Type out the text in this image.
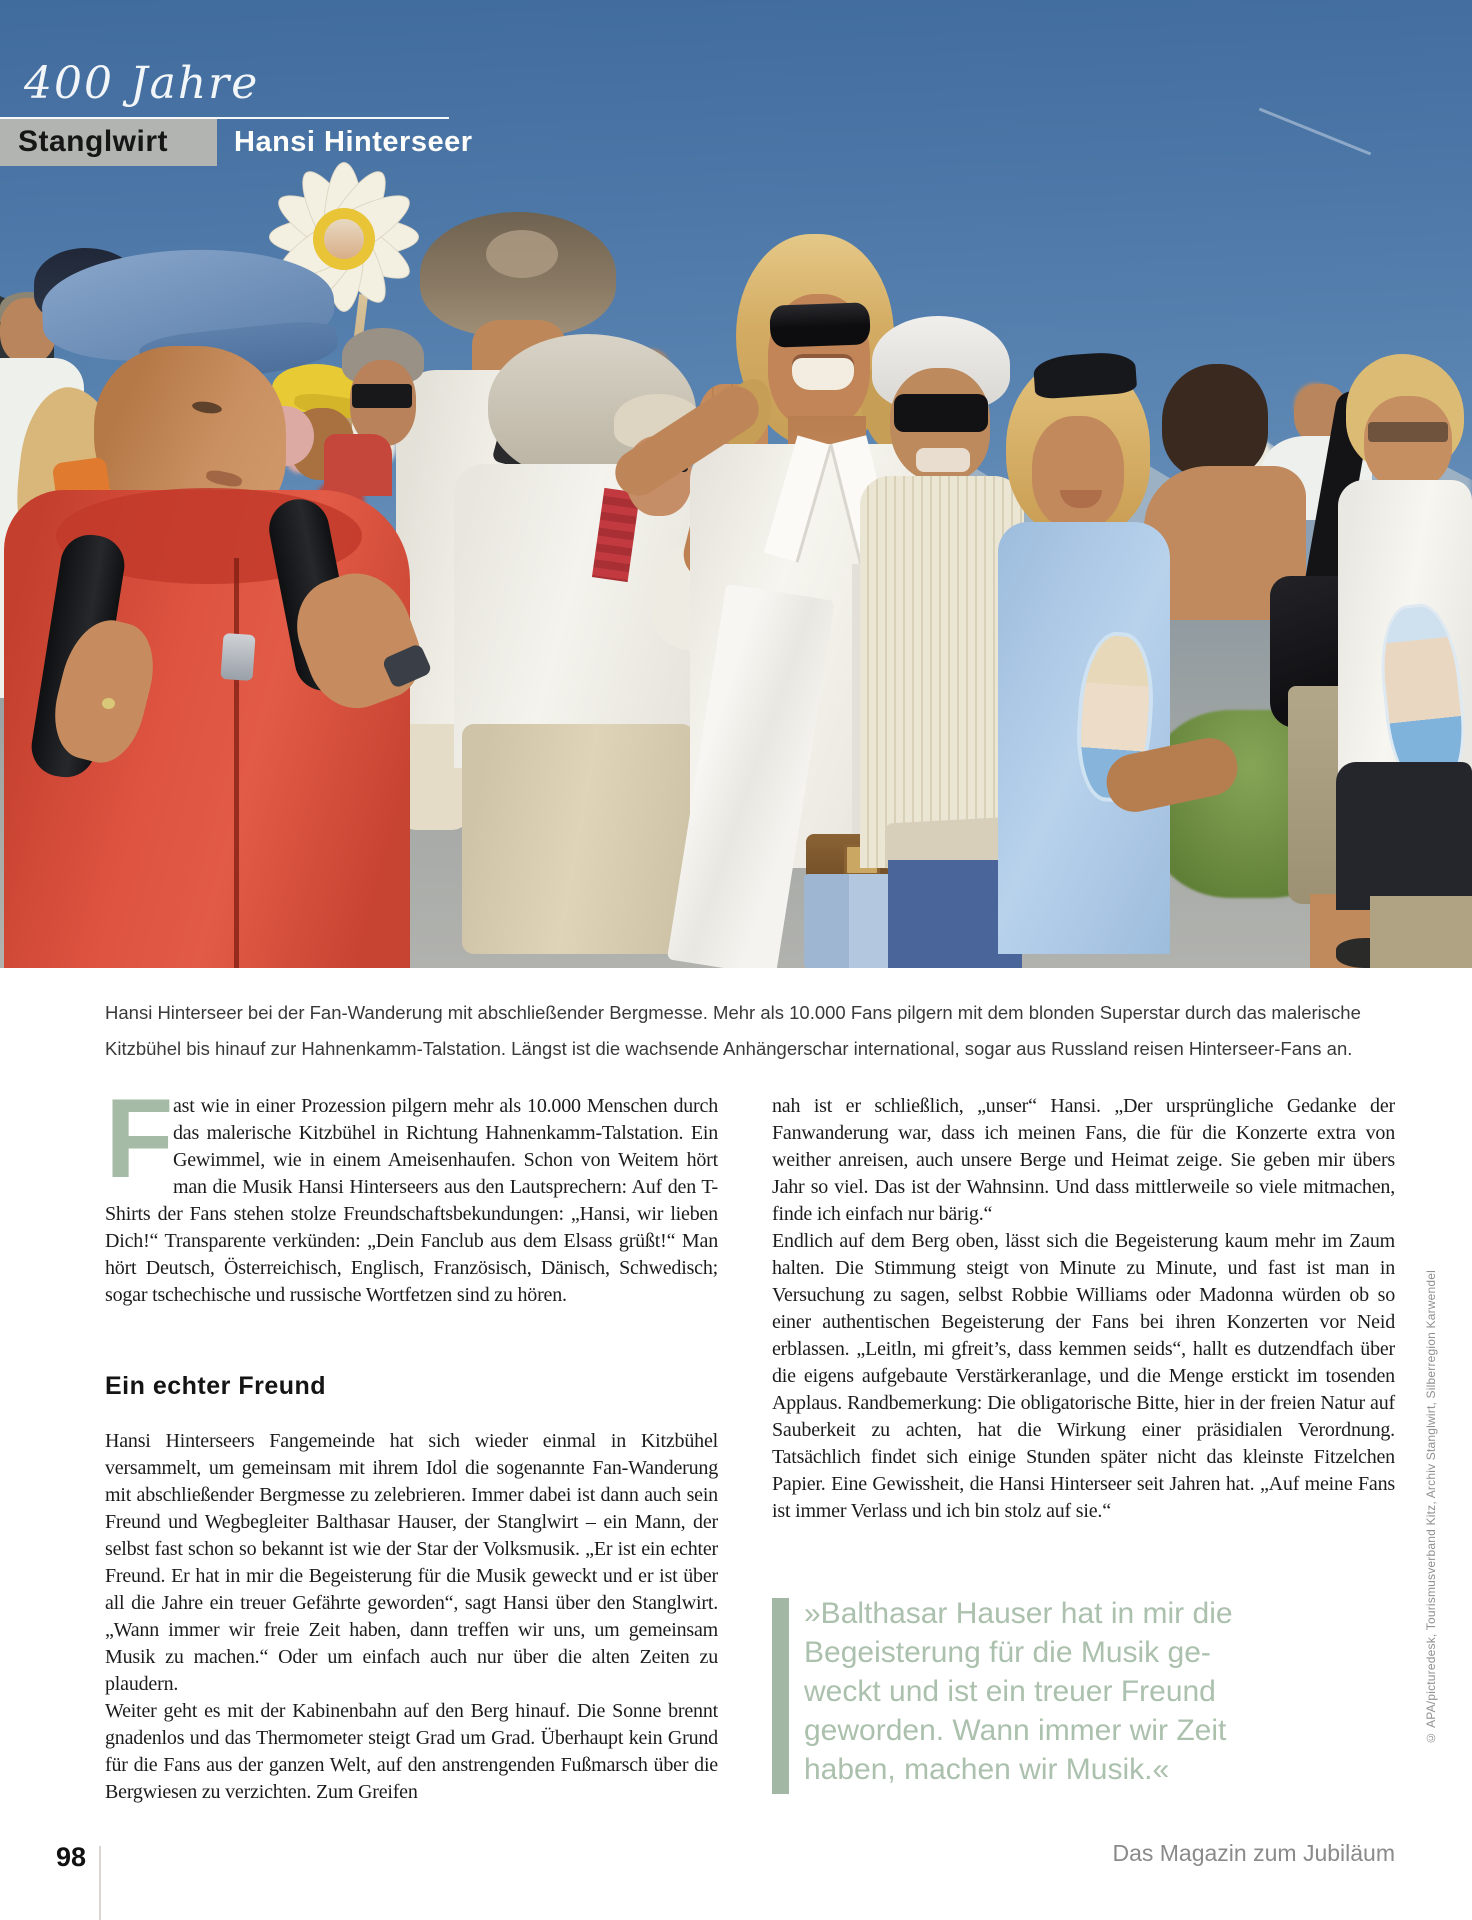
400 Jahre
Stanglwirt Hansi Hinterseer
Hansi Hinterseer bei der Fan-Wanderung mit abschließender Bergmesse. Mehr als 10.000 Fans pilgern mit dem blonden Superstar durch das malerische
Kitzbühel bis hinauf zur Hahnenkamm-Talstation. Längst ist die wachsende Anhängerschar international, sogar aus Russland reisen Hinterseer-Fans an.

Fast wie in einer Prozession pilgern mehr als 10.000 Menschen durch das malerische Kitzbühel in Richtung Hahnenkamm-Talstation. Ein Gewimmel, wie in einem Ameisenhaufen. Schon von Weitem hört man die Musik Hansi Hinterseers aus den Lautsprechern: Auf den T-Shirts der Fans stehen stolze Freundschaftsbekundungen: „Hansi, wir lieben Dich!“ Transparente verkünden: „Dein Fanclub aus dem Elsass grüßt!“ Man hört Deutsch, Österreichisch, Englisch, Französisch, Dänisch, Schwedisch; sogar tschechische und russische Wortfetzen sind zu hören.

Ein echter Freund

Hansi Hinterseers Fangemeinde hat sich wieder einmal in Kitzbühel versammelt, um gemeinsam mit ihrem Idol die sogenannte Fan-Wanderung mit abschließender Bergmesse zu zelebrieren. Immer dabei ist dann auch sein Freund und Wegbegleiter Balthasar Hauser, der Stanglwirt – ein Mann, der selbst fast schon so bekannt ist wie der Star der Volksmusik. „Er ist ein echter Freund. Er hat in mir die Begeisterung für die Musik geweckt und er ist über all die Jahre ein treuer Gefährte geworden“, sagt Hansi über den Stanglwirt. „Wann immer wir freie Zeit haben, dann treffen wir uns, um gemeinsam Musik zu machen.“ Oder um einfach auch nur über die alten Zeiten zu plaudern.

Weiter geht es mit der Kabinenbahn auf den Berg hinauf. Die Sonne brennt gnadenlos und das Thermometer steigt Grad um Grad. Überhaupt kein Grund für die Fans aus der ganzen Welt, auf den anstrengenden Fußmarsch über die Bergwiesen zu verzichten. Zum Greifen

nah ist er schließlich, „unser“ Hansi. „Der ursprüngliche Gedanke der Fanwanderung war, dass ich meinen Fans, die für die Konzerte extra von weither anreisen, auch unsere Berge und Heimat zeige. Sie geben mir übers Jahr so viel. Das ist der Wahnsinn. Und dass mittlerweile so viele mitmachen, finde ich einfach nur bärig.“

Endlich auf dem Berg oben, lässt sich die Begeisterung kaum mehr im Zaum halten. Die Stimmung steigt von Minute zu Minute, und fast ist man in Versuchung zu sagen, selbst Robbie Williams oder Madonna würden ob so einer authentischen Begeisterung der Fans bei ihren Konzerten vor Neid erblassen. „Leitln, mi gfreit’s, dass kemmen seids“, hallt es dutzendfach über die eigens aufgebaute Verstärkeranlage, und die Menge erstickt im tosenden Applaus. Randbemerkung: Die obligatorische Bitte, hier in der freien Natur auf Sauberkeit zu achten, hat die Wirkung einer präsidialen Verordnung. Tatsächlich findet sich einige Stunden später nicht das kleinste Fitzelchen Papier. Eine Gewissheit, die Hansi Hinterseer seit Jahren hat. „Auf meine Fans ist immer Verlass und ich bin stolz auf sie.“

»Balthasar Hauser hat in mir die
Begeisterung für die Musik ge-
weckt und ist ein treuer Freund
geworden. Wann immer wir Zeit
haben, machen wir Musik.«
© APA/picturedesk, Tourismusverband Kitz, Archiv Stanglwirt, Silberregion Karwendel
98	Das Magazin zum Jubiläum
